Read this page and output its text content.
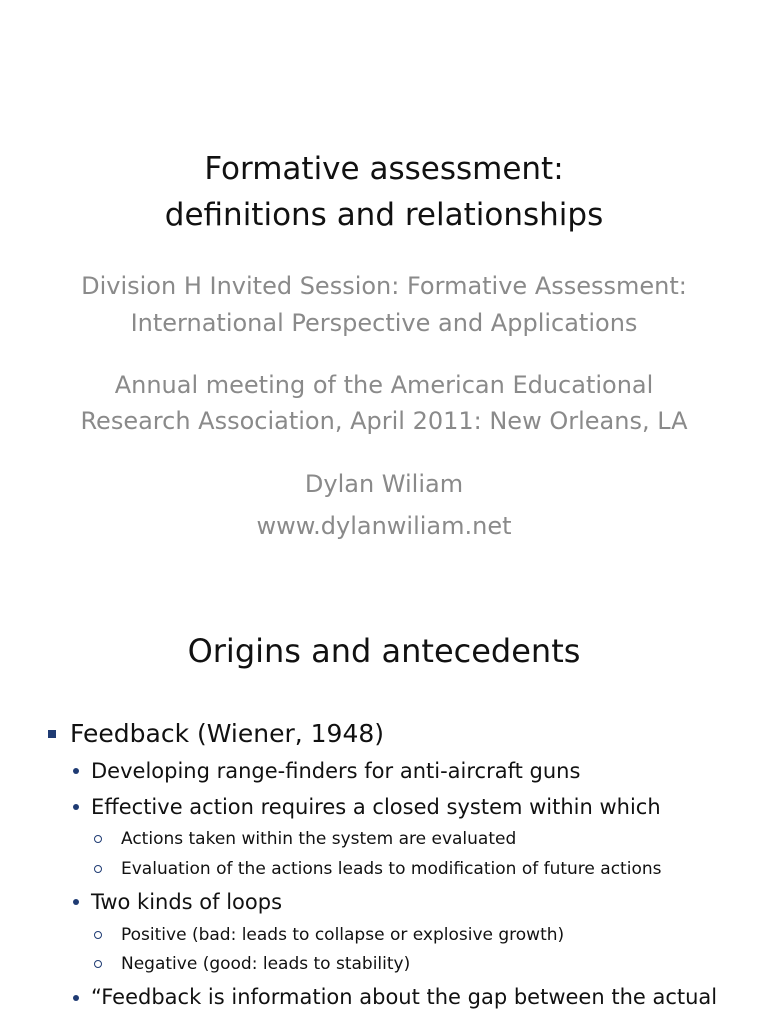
Formative assessment:
definitions and relationships
Division H Invited Session: Formative Assessment:
International Perspective and Applications
Annual meeting of the American Educational
Research Association, April 2011: New Orleans, LA
Dylan Wiliam
www.dylanwiliam.net
Origins and antecedents
Feedback (Wiener, 1948)
Developing range-finders for anti-aircraft guns
Effective action requires a closed system within which
Actions taken within the system are evaluated
Evaluation of the actions leads to modification of future actions
Two kinds of loops
Positive (bad: leads to collapse or explosive growth)
Negative (good: leads to stability)
“Feedback is information about the gap between the actual
